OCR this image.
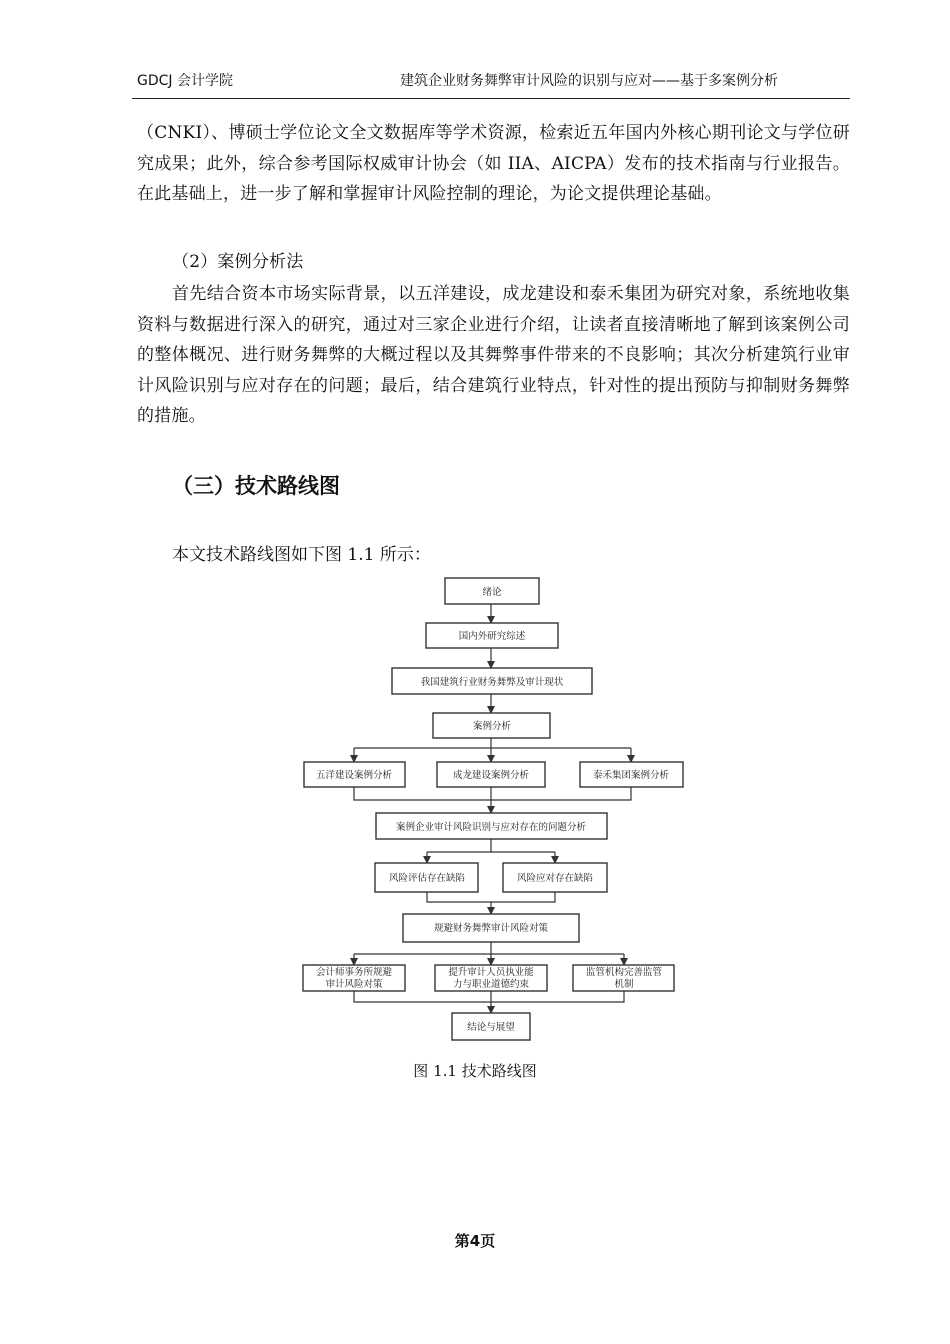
GDCJ 会计学院	建筑企业财务舞弊审计风险的识别与应对——基于多案例分析

（CNKI）、博硕士学位论文全文数据库等学术资源，检索近五年国内外核心期刊论文与学位研究成果；此外，综合参考国际权威审计协会（如 IIA、AICPA）发布的技术指南与行业报告。在此基础上，进一步了解和掌握审计风险控制的理论，为论文提供理论基础。

（2）案例分析法

首先结合资本市场实际背景，以五洋建设，成龙建设和泰禾集团为研究对象，系统地收集资料与数据进行深入的研究，通过对三家企业进行介绍，让读者直接清晰地了解到该案例公司的整体概况、进行财务舞弊的大概过程以及其舞弊事件带来的不良影响；其次分析建筑行业审计风险识别与应对存在的问题；最后，结合建筑行业特点，针对性的提出预防与抑制财务舞弊的措施。

（三）技术路线图
本文技术路线图如下图 1.1 所示：
绪论
国内外研究综述
我国建筑行业财务舞弊及审计现状
案例分析
五洋建设案例分析	成龙建设案例分析	泰禾集团案例分析
案例企业审计风险识别与应对存在的问题分析
风险评估存在缺陷	风险应对存在缺陷
规避财务舞弊审计风险对策
会计师事务所规避
审计风险对策
提升审计人员执业能
力与职业道德约束
监管机构完善监管
机制
结论与展望
图 1.1 技术路线图
第4页
